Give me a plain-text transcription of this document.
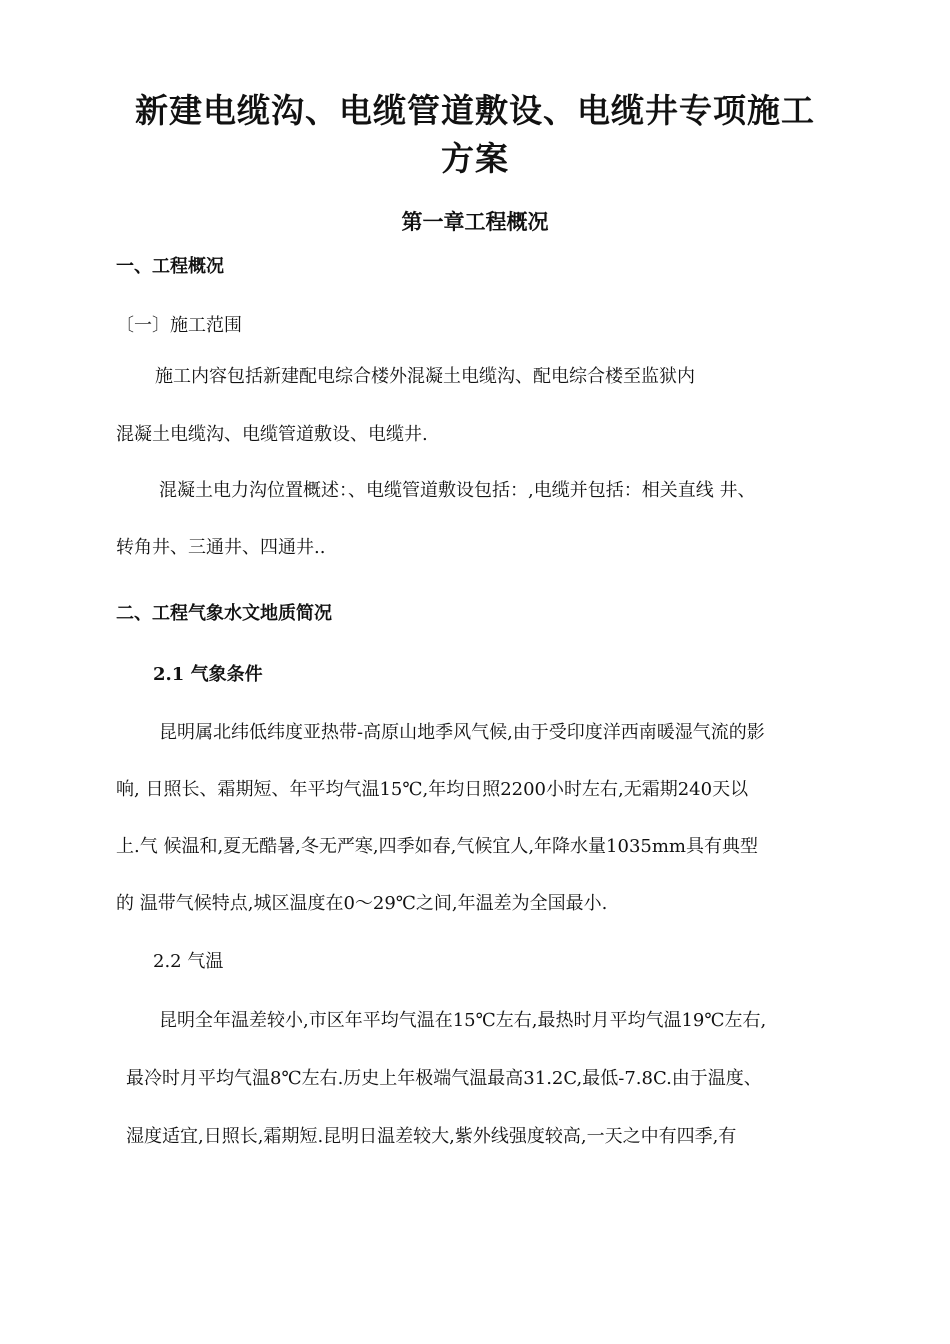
新建电缆沟、电缆管道敷设、电缆井专项施工
方案
第一章工程概况
一、工程概况
〔一〕施工范围
施工内容包括新建配电综合楼外混凝土电缆沟、配电综合楼至监狱内
混凝土电缆沟、电缆管道敷设、电缆井.
混凝土电力沟位置概述：、电缆管道敷设包括：,电缆并包括：相关直线 井、
转角井、三通井、四通井..
二、工程气象水文地质简况
2.1 气象条件
昆明属北纬低纬度亚热带-高原山地季风气候,由于受印度洋西南暖湿气流的影
响, 日照长、霜期短、年平均气温15℃,年均日照2200小时左右,无霜期240天以
上.气 候温和,夏无酷暑,冬无严寒,四季如春,气候宜人,年降水量1035mm具有典型
的 温带气候特点,城区温度在0〜29℃之间,年温差为全国最小.
2.2 气温
昆明全年温差较小,市区年平均气温在15℃左右,最热时月平均气温19℃左右,
最冷时月平均气温8℃左右.历史上年极端气温最高31.2C,最低-7.8C.由于温度、
湿度适宜,日照长,霜期短.昆明日温差较大,紫外线强度较高,一天之中有四季,有
